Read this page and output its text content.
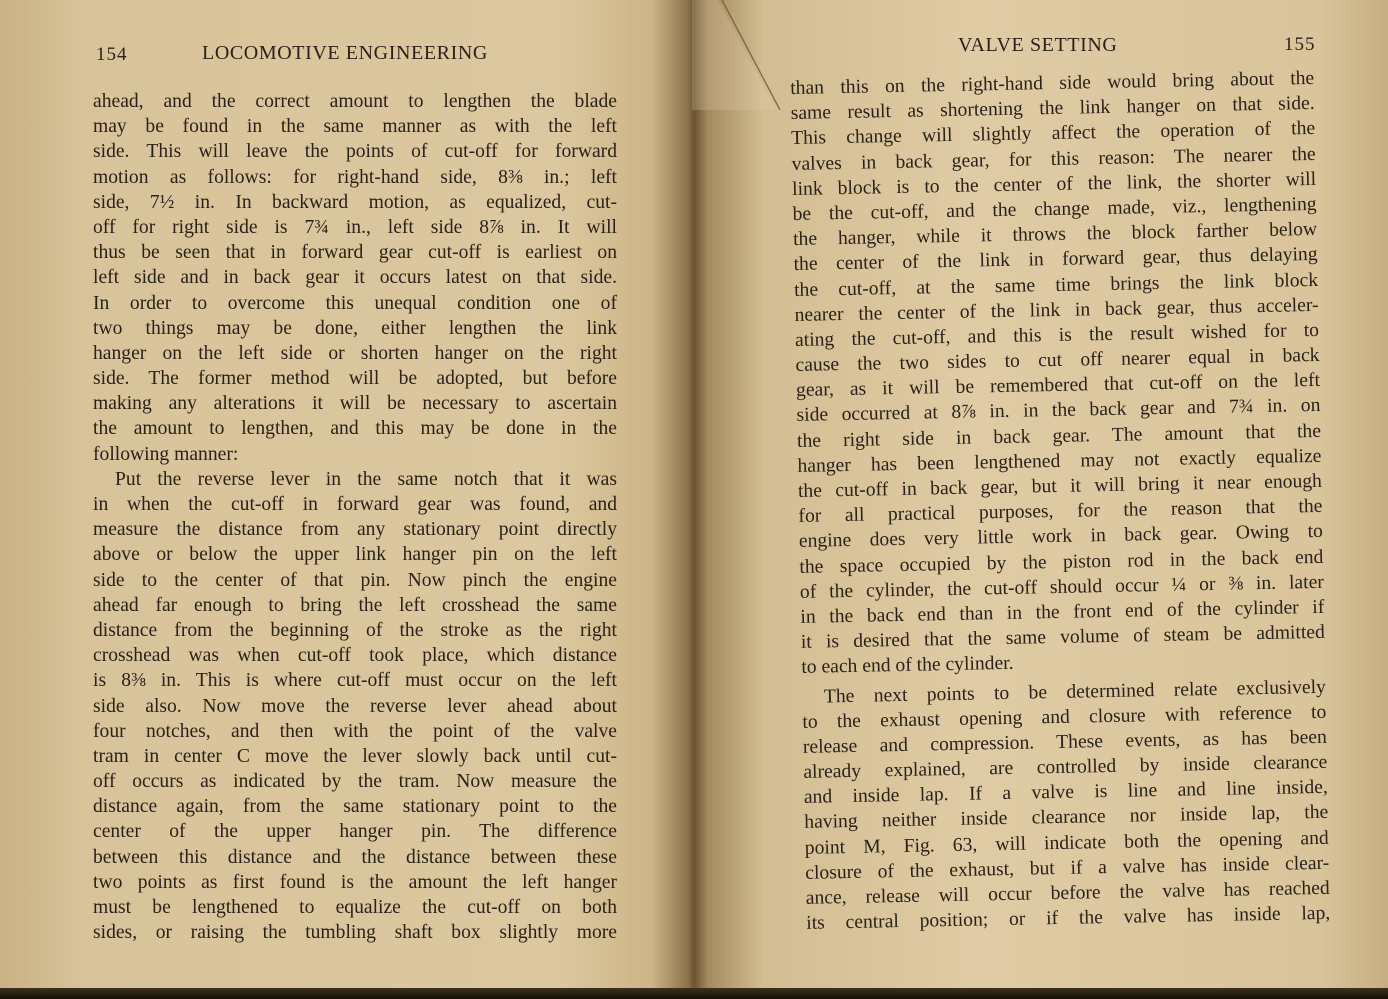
154	LOCOMOTIVE ENGINEERING
ahead, and the correct amount to lengthen the blade
may be found in the same manner as with the left
side. This will leave the points of cut-off for forward
motion as follows: for right-hand side, 8⅜ in.; left
side, 7½ in. In backward motion, as equalized, cut-
off for right side is 7¾ in., left side 8⅞ in. It will
thus be seen that in forward gear cut-off is earliest on
left side and in back gear it occurs latest on that side.
In order to overcome this unequal condition one of
two things may be done, either lengthen the link
hanger on the left side or shorten hanger on the right
side. The former method will be adopted, but before
making any alterations it will be necessary to ascertain
the amount to lengthen, and this may be done in the
following manner:
Put the reverse lever in the same notch that it was
in when the cut-off in forward gear was found, and
measure the distance from any stationary point directly
above or below the upper link hanger pin on the left
side to the center of that pin. Now pinch the engine
ahead far enough to bring the left crosshead the same
distance from the beginning of the stroke as the right
crosshead was when cut-off took place, which distance
is 8⅜ in. This is where cut-off must occur on the left
side also. Now move the reverse lever ahead about
four notches, and then with the point of the valve
tram in center C move the lever slowly back until cut-
off occurs as indicated by the tram. Now measure the
distance again, from the same stationary point to the
center of the upper hanger pin. The difference
between this distance and the distance between these
two points as first found is the amount the left hanger
must be lengthened to equalize the cut-off on both
sides, or raising the tumbling shaft box slightly more
VALVE SETTING	155
than this on the right-hand side would bring about the
same result as shortening the link hanger on that side.
This change will slightly affect the operation of the
valves in back gear, for this reason: The nearer the
link block is to the center of the link, the shorter will
be the cut-off, and the change made, viz., lengthening
the hanger, while it throws the block farther below
the center of the link in forward gear, thus delaying
the cut-off, at the same time brings the link block
nearer the center of the link in back gear, thus acceler-
ating the cut-off, and this is the result wished for to
cause the two sides to cut off nearer equal in back
gear, as it will be remembered that cut-off on the left
side occurred at 8⅞ in. in the back gear and 7¾ in. on
the right side in back gear. The amount that the
hanger has been lengthened may not exactly equalize
the cut-off in back gear, but it will bring it near enough
for all practical purposes, for the reason that the
engine does very little work in back gear. Owing to
the space occupied by the piston rod in the back end
of the cylinder, the cut-off should occur ¼ or ⅜ in. later
in the back end than in the front end of the cylinder if
it is desired that the same volume of steam be admitted
to each end of the cylinder.
The next points to be determined relate exclusively
to the exhaust opening and closure with reference to
release and compression. These events, as has been
already explained, are controlled by inside clearance
and inside lap. If a valve is line and line inside,
having neither inside clearance nor inside lap, the
point M, Fig. 63, will indicate both the opening and
closure of the exhaust, but if a valve has inside clear-
ance, release will occur before the valve has reached
its central position; or if the valve has inside lap,
